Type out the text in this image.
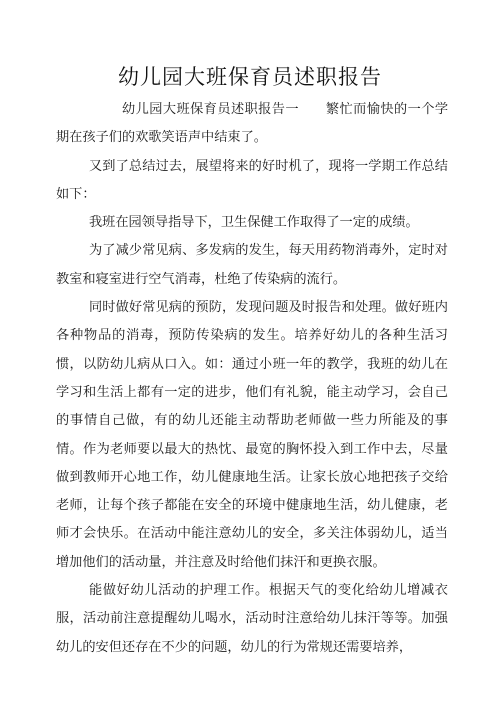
幼儿园大班保育员述职报告

幼儿园大班保育员述职报告一 繁忙而愉快的一个学期在孩子们的欢歌笑语声中结束了。

又到了总结过去，展望将来的好时机了，现将一学期工作总结如下：

我班在园领导指导下，卫生保健工作取得了一定的成绩。

为了减少常见病、多发病的发生，每天用药物消毒外，定时对教室和寝室进行空气消毒，杜绝了传染病的流行。

同时做好常见病的预防，发现问题及时报告和处理。做好班内各种物品的消毒，预防传染病的发生。培养好幼儿的各种生活习惯，以防幼儿病从口入。如：通过小班一年的教学，我班的幼儿在学习和生活上都有一定的进步，他们有礼貌，能主动学习，会自己的事情自己做，有的幼儿还能主动帮助老师做一些力所能及的事情。作为老师要以最大的热忱、最宽的胸怀投入到工作中去，尽量做到教师开心地工作，幼儿健康地生活。让家长放心地把孩子交给老师，让每个孩子都能在安全的环境中健康地生活，幼儿健康，老师才会快乐。在活动中能注意幼儿的安全，多关注体弱幼儿，适当增加他们的活动量，并注意及时给他们抹汗和更换衣服。

能做好幼儿活动的护理工作。根据天气的变化给幼儿增减衣服，活动前注意提醒幼儿喝水，活动时注意给幼儿抹汗等等。加强幼儿的安但还存在不少的问题，幼儿的行为常规还需要培养，
